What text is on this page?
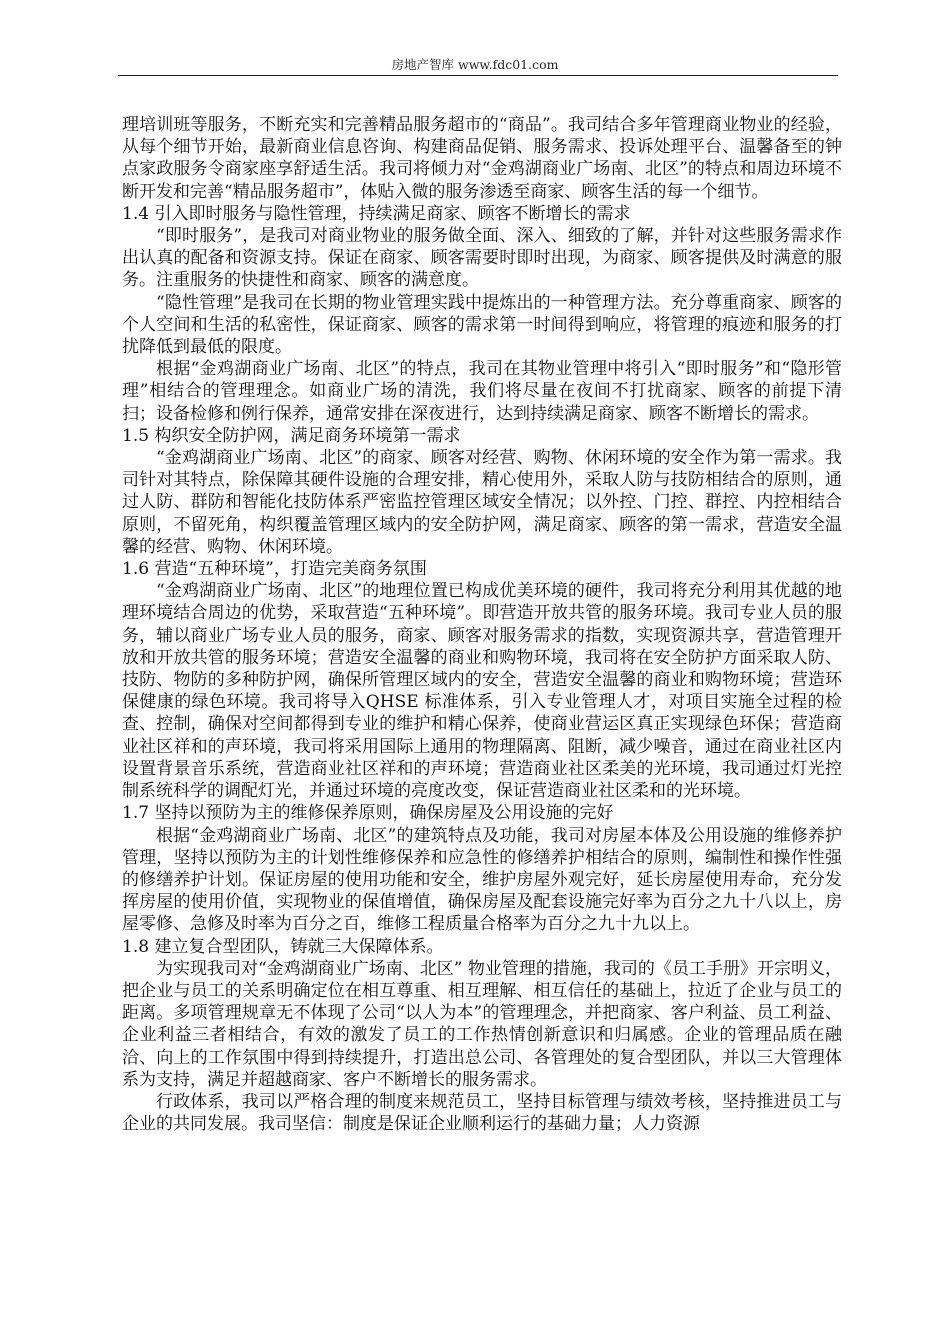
房地产智库 www.fdc01.com

理培训班等服务，不断充实和完善精品服务超市的“商品”。我司结合多年管理商业物业的经验，从每个细节开始，最新商业信息咨询、构建商品促销、服务需求、投诉处理平台、温馨备至的钟点家政服务令商家座享舒适生活。我司将倾力对“金鸡湖商业广场南、北区”的特点和周边环境不断开发和完善“精品服务超市”，体贴入微的服务渗透至商家、顾客生活的每一个细节。

1.4 引入即时服务与隐性管理，持续满足商家、顾客不断增长的需求

“即时服务”，是我司对商业物业的服务做全面、深入、细致的了解，并针对这些服务需求作出认真的配备和资源支持。保证在商家、顾客需要时即时出现，为商家、顾客提供及时满意的服务。注重服务的快捷性和商家、顾客的满意度。

“隐性管理”是我司在长期的物业管理实践中提炼出的一种管理方法。充分尊重商家、顾客的个人空间和生活的私密性，保证商家、顾客的需求第一时间得到响应，将管理的痕迹和服务的打扰降低到最低的限度。

根据“金鸡湖商业广场南、北区”的特点，我司在其物业管理中将引入“即时服务”和“隐形管理”相结合的管理理念。如商业广场的清洗，我们将尽量在夜间不打扰商家、顾客的前提下清扫；设备检修和例行保养，通常安排在深夜进行，达到持续满足商家、顾客不断增长的需求。

1.5 构织安全防护网，满足商务环境第一需求

“金鸡湖商业广场南、北区”的商家、顾客对经营、购物、休闲环境的安全作为第一需求。我司针对其特点，除保障其硬件设施的合理安排，精心使用外，采取人防与技防相结合的原则，通过人防、群防和智能化技防体系严密监控管理区域安全情况；以外控、门控、群控、内控相结合原则，不留死角，构织覆盖管理区域内的安全防护网，满足商家、顾客的第一需求，营造安全温馨的经营、购物、休闲环境。

1.6 营造“五种环境”，打造完美商务氛围

“金鸡湖商业广场南、北区”的地理位置已构成优美环境的硬件，我司将充分利用其优越的地理环境结合周边的优势，采取营造“五种环境”。即营造开放共管的服务环境。我司专业人员的服务，辅以商业广场专业人员的服务，商家、顾客对服务需求的指数，实现资源共享，营造管理开放和开放共管的服务环境；营造安全温馨的商业和购物环境，我司将在安全防护方面采取人防、技防、物防的多种防护网，确保所管理区域内的安全，营造安全温馨的商业和购物环境；营造环保健康的绿色环境。我司将导入QHSE 标准体系，引入专业管理人才，对项目实施全过程的检查、控制，确保对空间都得到专业的维护和精心保养，使商业营运区真正实现绿色环保；营造商业社区祥和的声环境，我司将采用国际上通用的物理隔离、阻断，减少噪音，通过在商业社区内设置背景音乐系统，营造商业社区祥和的声环境；营造商业社区柔美的光环境，我司通过灯光控制系统科学的调配灯光，并通过环境的亮度改变，保证营造商业社区柔和的光环境。

1.7 坚持以预防为主的维修保养原则，确保房屋及公用设施的完好

根据“金鸡湖商业广场南、北区”的建筑特点及功能，我司对房屋本体及公用设施的维修养护管理，坚持以预防为主的计划性维修保养和应急性的修缮养护相结合的原则，编制性和操作性强的修缮养护计划。保证房屋的使用功能和安全，维护房屋外观完好，延长房屋使用寿命，充分发挥房屋的使用价值，实现物业的保值增值，确保房屋及配套设施完好率为百分之九十八以上，房屋零修、急修及时率为百分之百，维修工程质量合格率为百分之九十九以上。

1.8 建立复合型团队，铸就三大保障体系。

为实现我司对“金鸡湖商业广场南、北区” 物业管理的措施，我司的《员工手册》开宗明义，把企业与员工的关系明确定位在相互尊重、相互理解、相互信任的基础上，拉近了企业与员工的距离。多项管理规章无不体现了公司“以人为本”的管理理念，并把商家、客户利益、员工利益、企业利益三者相结合，有效的激发了员工的工作热情创新意识和归属感。企业的管理品质在融洽、向上的工作氛围中得到持续提升，打造出总公司、各管理处的复合型团队，并以三大管理体系为支持，满足并超越商家、客户不断增长的服务需求。

行政体系，我司以严格合理的制度来规范员工，坚持目标管理与绩效考核，坚持推进员工与企业的共同发展。我司坚信：制度是保证企业顺利运行的基础力量；人力资源
